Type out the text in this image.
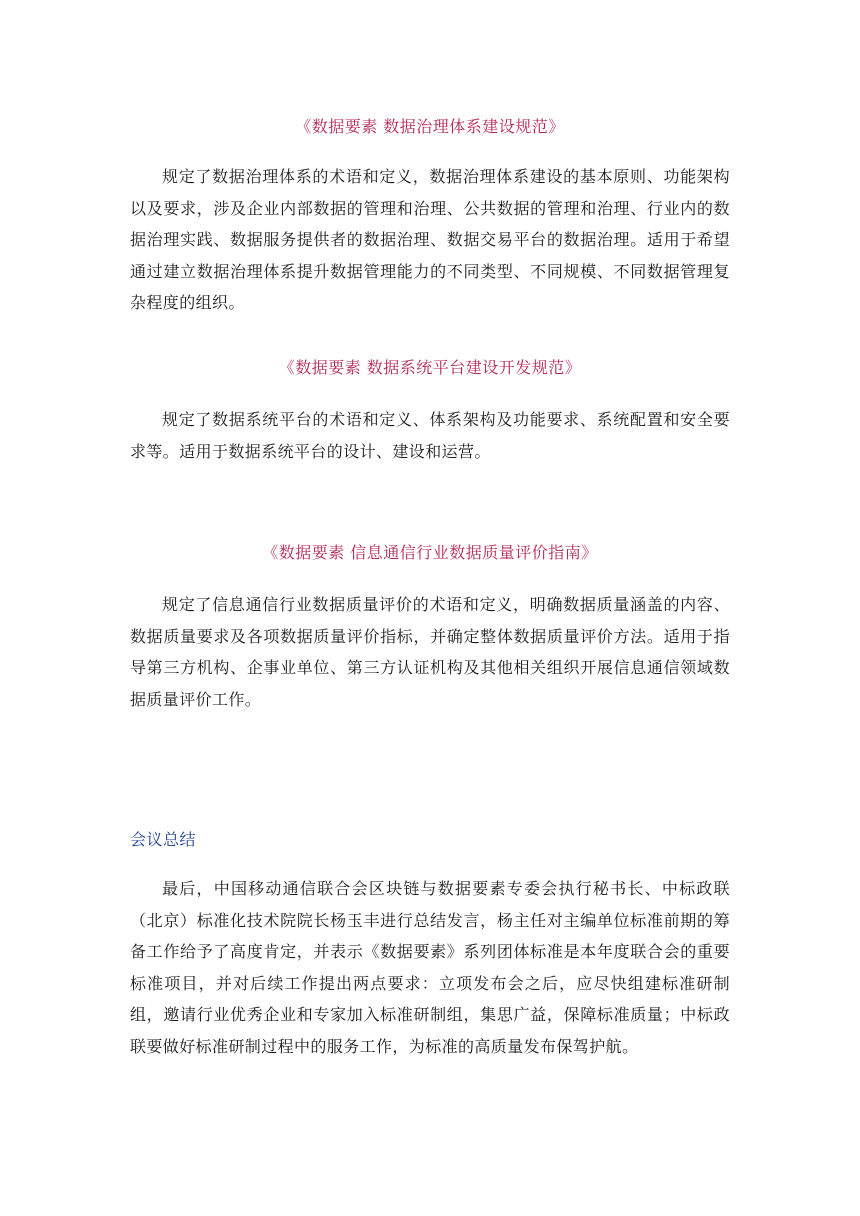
《数据要素 数据治理体系建设规范》

规定了数据治理体系的术语和定义，数据治理体系建设的基本原则、功能架构以及要求，涉及企业内部数据的管理和治理、公共数据的管理和治理、行业内的数据治理实践、数据服务提供者的数据治理、数据交易平台的数据治理。适用于希望通过建立数据治理体系提升数据管理能力的不同类型、不同规模、不同数据管理复杂程度的组织。

《数据要素 数据系统平台建设开发规范》

规定了数据系统平台的术语和定义、体系架构及功能要求、系统配置和安全要求等。适用于数据系统平台的设计、建设和运营。

《数据要素 信息通信行业数据质量评价指南》

规定了信息通信行业数据质量评价的术语和定义，明确数据质量涵盖的内容、数据质量要求及各项数据质量评价指标，并确定整体数据质量评价方法。适用于指导第三方机构、企事业单位、第三方认证机构及其他相关组织开展信息通信领域数据质量评价工作。

会议总结

最后，中国移动通信联合会区块链与数据要素专委会执行秘书长、中标政联（北京）标准化技术院院长杨玉丰进行总结发言，杨主任对主编单位标准前期的筹备工作给予了高度肯定，并表示《数据要素》系列团体标准是本年度联合会的重要标准项目，并对后续工作提出两点要求：立项发布会之后，应尽快组建标准研制组，邀请行业优秀企业和专家加入标准研制组，集思广益，保障标准质量；中标政联要做好标准研制过程中的服务工作，为标准的高质量发布保驾护航。
